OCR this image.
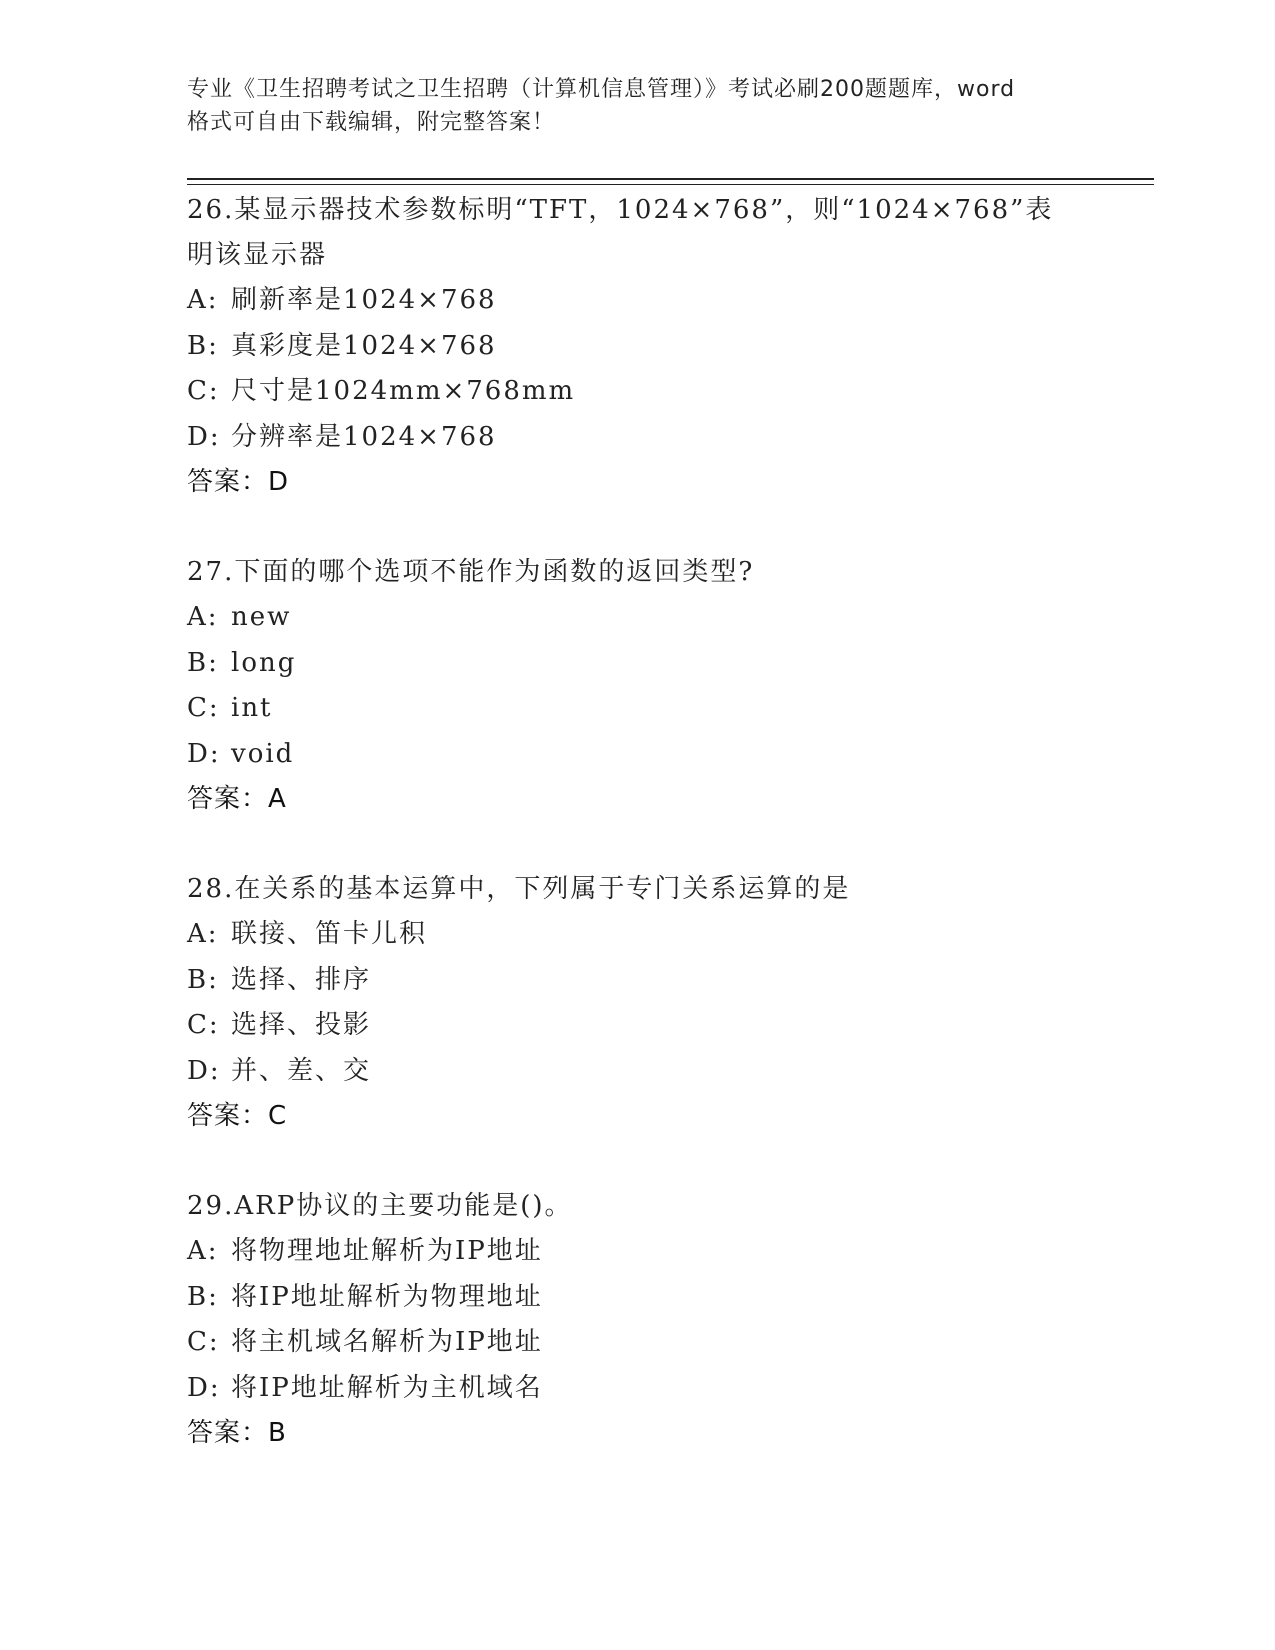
专业《卫生招聘考试之卫生招聘（计算机信息管理）》考试必刷200题题库，word
格式可自由下载编辑，附完整答案！
26.某显示器技术参数标明“TFT，1024×768”，则“1024×768”表
明该显示器
A: 刷新率是1024×768
B: 真彩度是1024×768
C: 尺寸是1024mm×768mm
D: 分辨率是1024×768
答案：D
27.下面的哪个选项不能作为函数的返回类型?
A: new
B: long
C: int
D: void
答案：A
28.在关系的基本运算中，下列属于专门关系运算的是
A: 联接、笛卡儿积
B: 选择、排序
C: 选择、投影
D: 并、差、交
答案：C
29.ARP协议的主要功能是()。
A: 将物理地址解析为IP地址
B: 将IP地址解析为物理地址
C: 将主机域名解析为IP地址
D: 将IP地址解析为主机域名
答案：B
